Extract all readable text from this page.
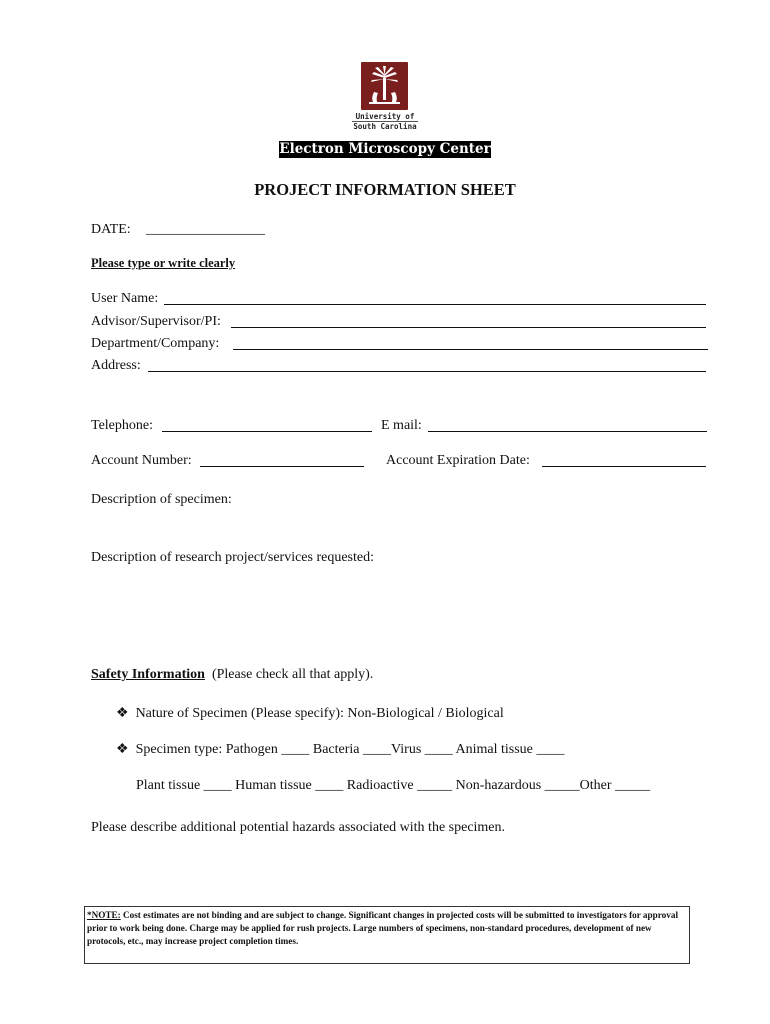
University of
South Carolina
Electron Microscopy Center
PROJECT INFORMATION SHEET
DATE: _________________
Please type or write clearly
User Name:
Advisor/Supervisor/PI:
Department/Company:
Address:
Telephone:	E mail:
Account Number:	Account Expiration Date:
Description of specimen:
Description of research project/services requested:
Safety Information (Please check all that apply).
❖ Nature of Specimen (Please specify): Non-Biological / Biological
❖ Specimen type: Pathogen ____ Bacteria ____Virus ____ Animal tissue ____
Plant tissue ____ Human tissue ____ Radioactive _____ Non-hazardous _____Other _____
Please describe additional potential hazards associated with the specimen.
*NOTE: Cost estimates are not binding and are subject to change. Significant changes in projected costs will be submitted to investigators for approval prior to work being done. Charge may be applied for rush projects. Large numbers of specimens, non-standard procedures, development of new protocols, etc., may increase project completion times.
